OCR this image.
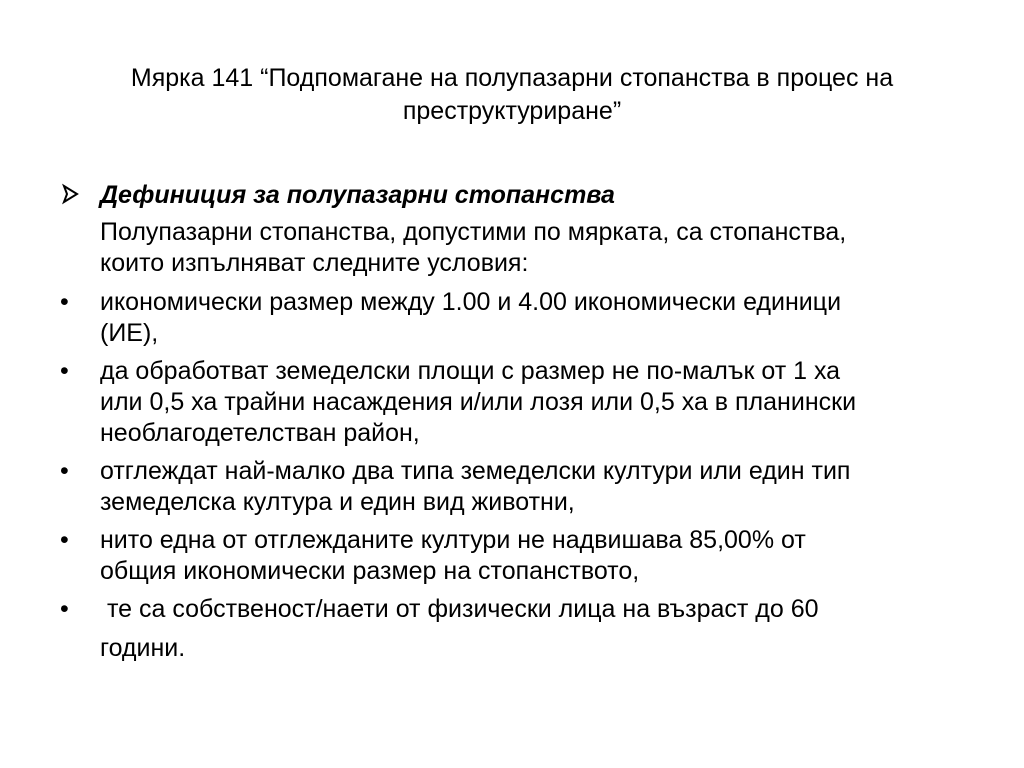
Мярка 141 “Подпомагане на полупазарни стопанства в процес на
преструктуриране”
Дефиниция за полупазарни стопанства
Полупазарни стопанства, допустими по мярката, са стопанства,
които изпълняват следните условия:
•	икономически размер между 1.00 и 4.00 икономически единици
(ИЕ),
•	да обработват земеделски площи с размер не по-малък от 1 ха
или 0,5 ха трайни насаждения и/или лозя или 0,5 ха в планински
необлагодетелстван район,
•	отглеждат най-малко два типа земеделски култури или един тип
земеделска култура и един вид животни,
•	нито една от отглежданите култури не надвишава 85,00% от
общия икономически размер на стопанството,
•	те са собственост/наети от физически лица на възраст до 60
години.
